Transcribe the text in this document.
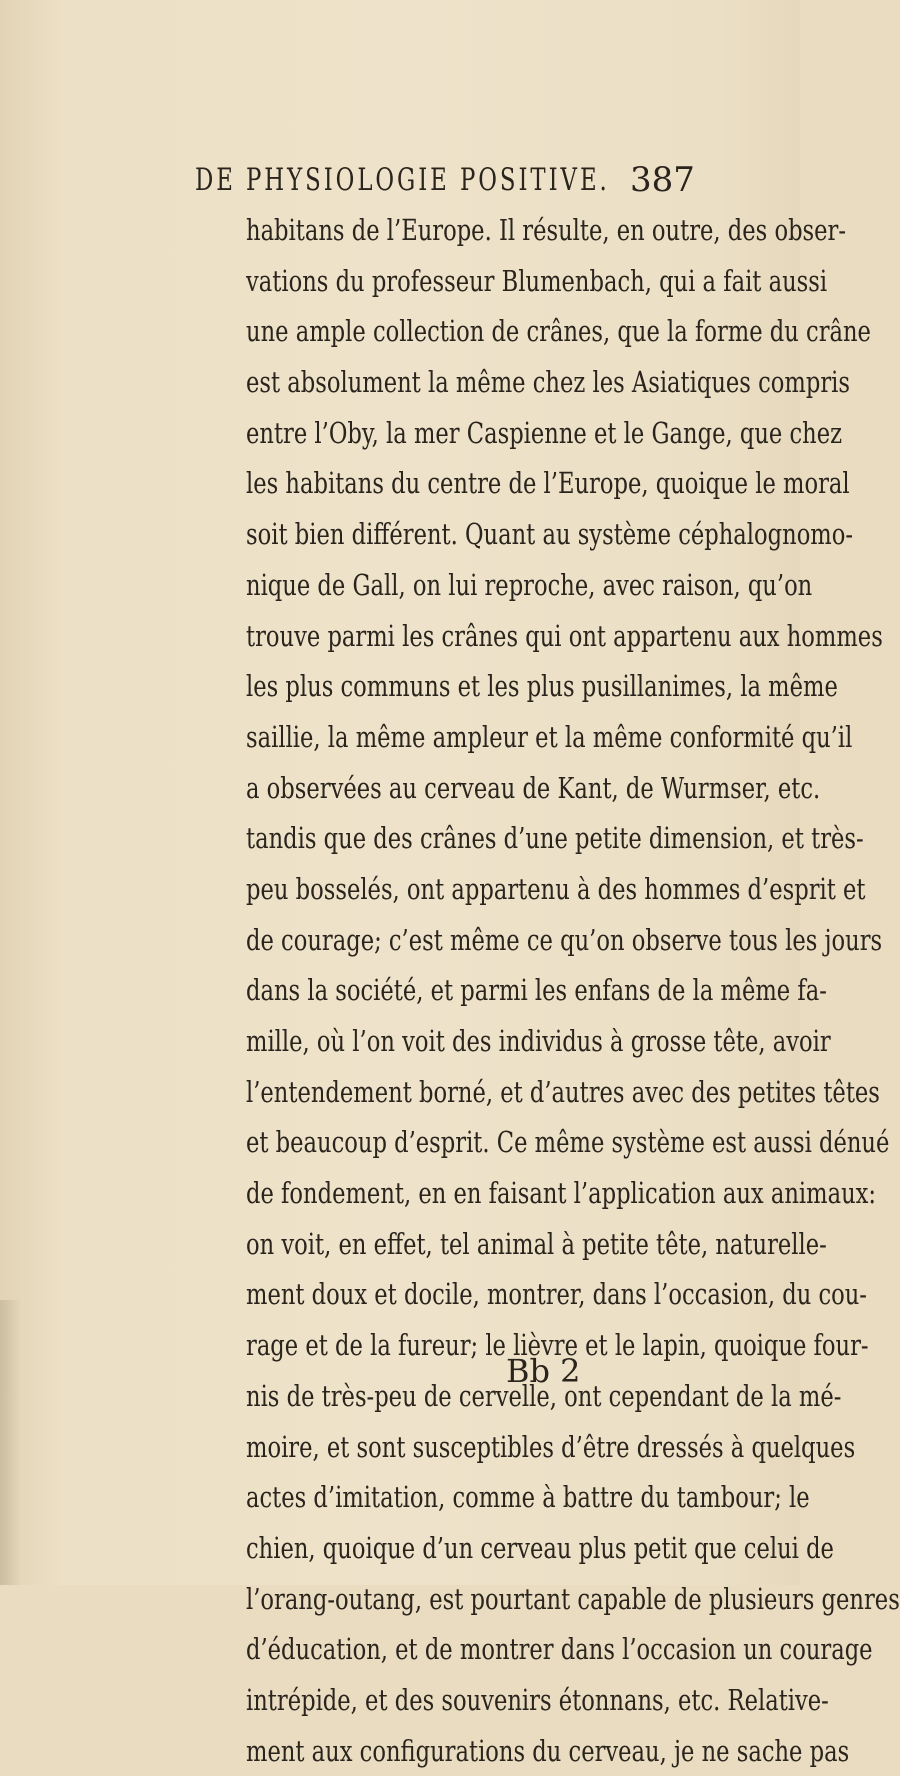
DE PHYSIOLOGIE POSITIVE. 387
habitans de l’Europe. Il résulte, en outre, des obser-
vations du professeur Blumenbach, qui a fait aussi
une ample collection de crânes, que la forme du crâne
est absolument la même chez les Asiatiques compris
entre l’Oby, la mer Caspienne et le Gange, que chez
les habitans du centre de l’Europe, quoique le moral
soit bien différent. Quant au système céphalognomo-
nique de Gall, on lui reproche, avec raison, qu’on
trouve parmi les crânes qui ont appartenu aux hommes
les plus communs et les plus pusillanimes, la même
saillie, la même ampleur et la même conformité qu’il
a observées au cerveau de Kant, de Wurmser, etc.
tandis que des crânes d’une petite dimension, et très-
peu bosselés, ont appartenu à des hommes d’esprit et
de courage; c’est même ce qu’on observe tous les jours
dans la société, et parmi les enfans de la même fa-
mille, où l’on voit des individus à grosse tête, avoir
l’entendement borné, et d’autres avec des petites têtes
et beaucoup d’esprit. Ce même système est aussi dénué
de fondement, en en faisant l’application aux animaux:
on voit, en effet, tel animal à petite tête, naturelle-
ment doux et docile, montrer, dans l’occasion, du cou-
rage et de la fureur; le lièvre et le lapin, quoique four-
nis de très-peu de cervelle, ont cependant de la mé-
moire, et sont susceptibles d’être dressés à quelques
actes d’imitation, comme à battre du tambour; le
chien, quoique d’un cerveau plus petit que celui de
l’orang-outang, est pourtant capable de plusieurs genres
d’éducation, et de montrer dans l’occasion un courage
intrépide, et des souvenirs étonnans, etc. Relative-
ment aux configurations du cerveau, je ne sache pas
Bb 2
